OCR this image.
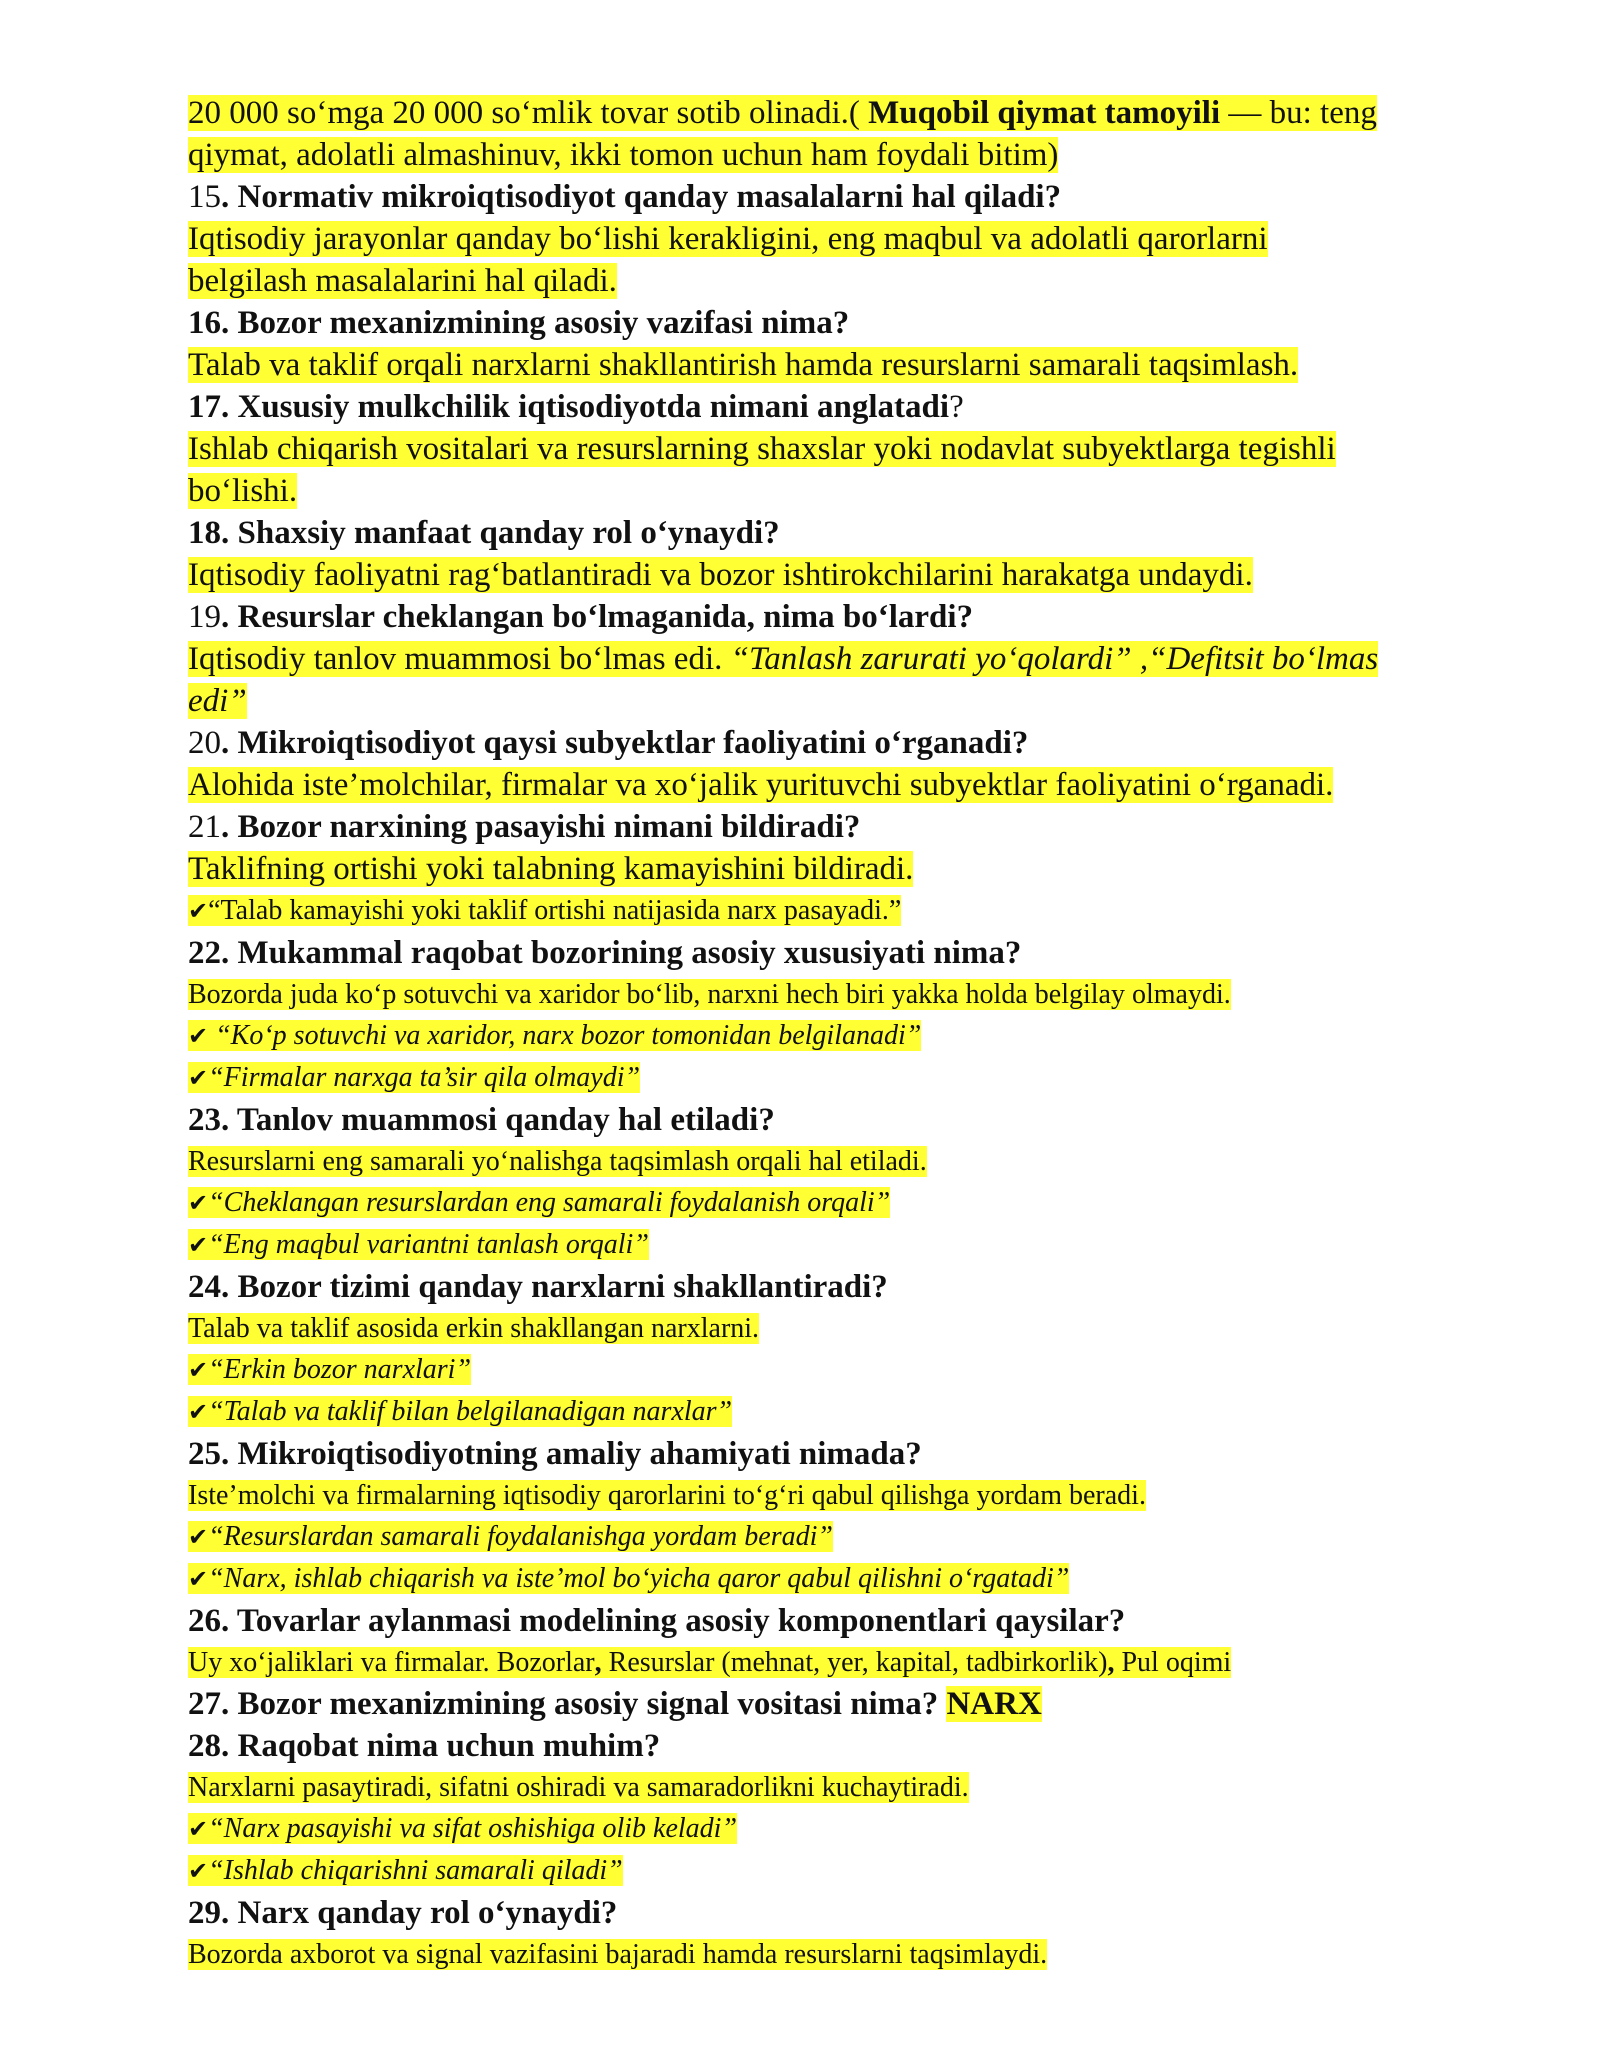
20 000 so‘mga 20 000 so‘mlik tovar sotib olinadi.( Muqobil qiymat tamoyili — bu: teng

qiymat, adolatli almashinuv, ikki tomon uchun ham foydali bitim)

15. Normativ mikroiqtisodiyot qanday masalalarni hal qiladi?

Iqtisodiy jarayonlar qanday bo‘lishi kerakligini, eng maqbul va adolatli qarorlarni

belgilash masalalarini hal qiladi.

16. Bozor mexanizmining asosiy vazifasi nima?

Talab va taklif orqali narxlarni shakllantirish hamda resurslarni samarali taqsimlash.

17. Xususiy mulkchilik iqtisodiyotda nimani anglatadi?

Ishlab chiqarish vositalari va resurslarning shaxslar yoki nodavlat subyektlarga tegishli

bo‘lishi.

18. Shaxsiy manfaat qanday rol o‘ynaydi?

Iqtisodiy faoliyatni rag‘batlantiradi va bozor ishtirokchilarini harakatga undaydi.

19. Resurslar cheklangan bo‘lmaganida, nima bo‘lardi?

Iqtisodiy tanlov muammosi bo‘lmas edi. “Tanlash zarurati yo‘qolardi” ,“Defitsit bo‘lmas

edi”

20. Mikroiqtisodiyot qaysi subyektlar faoliyatini o‘rganadi?

Alohida iste’molchilar, firmalar va xo‘jalik yurituvchi subyektlar faoliyatini o‘rganadi.

21. Bozor narxining pasayishi nimani bildiradi?

Taklifning ortishi yoki talabning kamayishini bildiradi.

✔“Talab kamayishi yoki taklif ortishi natijasida narx pasayadi.”

22. Mukammal raqobat bozorining asosiy xususiyati nima?

Bozorda juda ko‘p sotuvchi va xaridor bo‘lib, narxni hech biri yakka holda belgilay olmaydi.

✔ “Ko‘p sotuvchi va xaridor, narx bozor tomonidan belgilanadi”

✔“Firmalar narxga ta’sir qila olmaydi”

23. Tanlov muammosi qanday hal etiladi?

Resurslarni eng samarali yo‘nalishga taqsimlash orqali hal etiladi.

✔“Cheklangan resurslardan eng samarali foydalanish orqali”

✔“Eng maqbul variantni tanlash orqali”

24. Bozor tizimi qanday narxlarni shakllantiradi?

Talab va taklif asosida erkin shakllangan narxlarni.

✔“Erkin bozor narxlari”

✔“Talab va taklif bilan belgilanadigan narxlar”

25. Mikroiqtisodiyotning amaliy ahamiyati nimada?

Iste’molchi va firmalarning iqtisodiy qarorlarini to‘g‘ri qabul qilishga yordam beradi.

✔“Resurslardan samarali foydalanishga yordam beradi”

✔“Narx, ishlab chiqarish va iste’mol bo‘yicha qaror qabul qilishni o‘rgatadi”

26. Tovarlar aylanmasi modelining asosiy komponentlari qaysilar?

Uy xo‘jaliklari va firmalar. Bozorlar, Resurslar (mehnat, yer, kapital, tadbirkorlik), Pul oqimi

27. Bozor mexanizmining asosiy signal vositasi nima? NARX

28. Raqobat nima uchun muhim?

Narxlarni pasaytiradi, sifatni oshiradi va samaradorlikni kuchaytiradi.

✔“Narx pasayishi va sifat oshishiga olib keladi”

✔“Ishlab chiqarishni samarali qiladi”

29. Narx qanday rol o‘ynaydi?

Bozorda axborot va signal vazifasini bajaradi hamda resurslarni taqsimlaydi.
